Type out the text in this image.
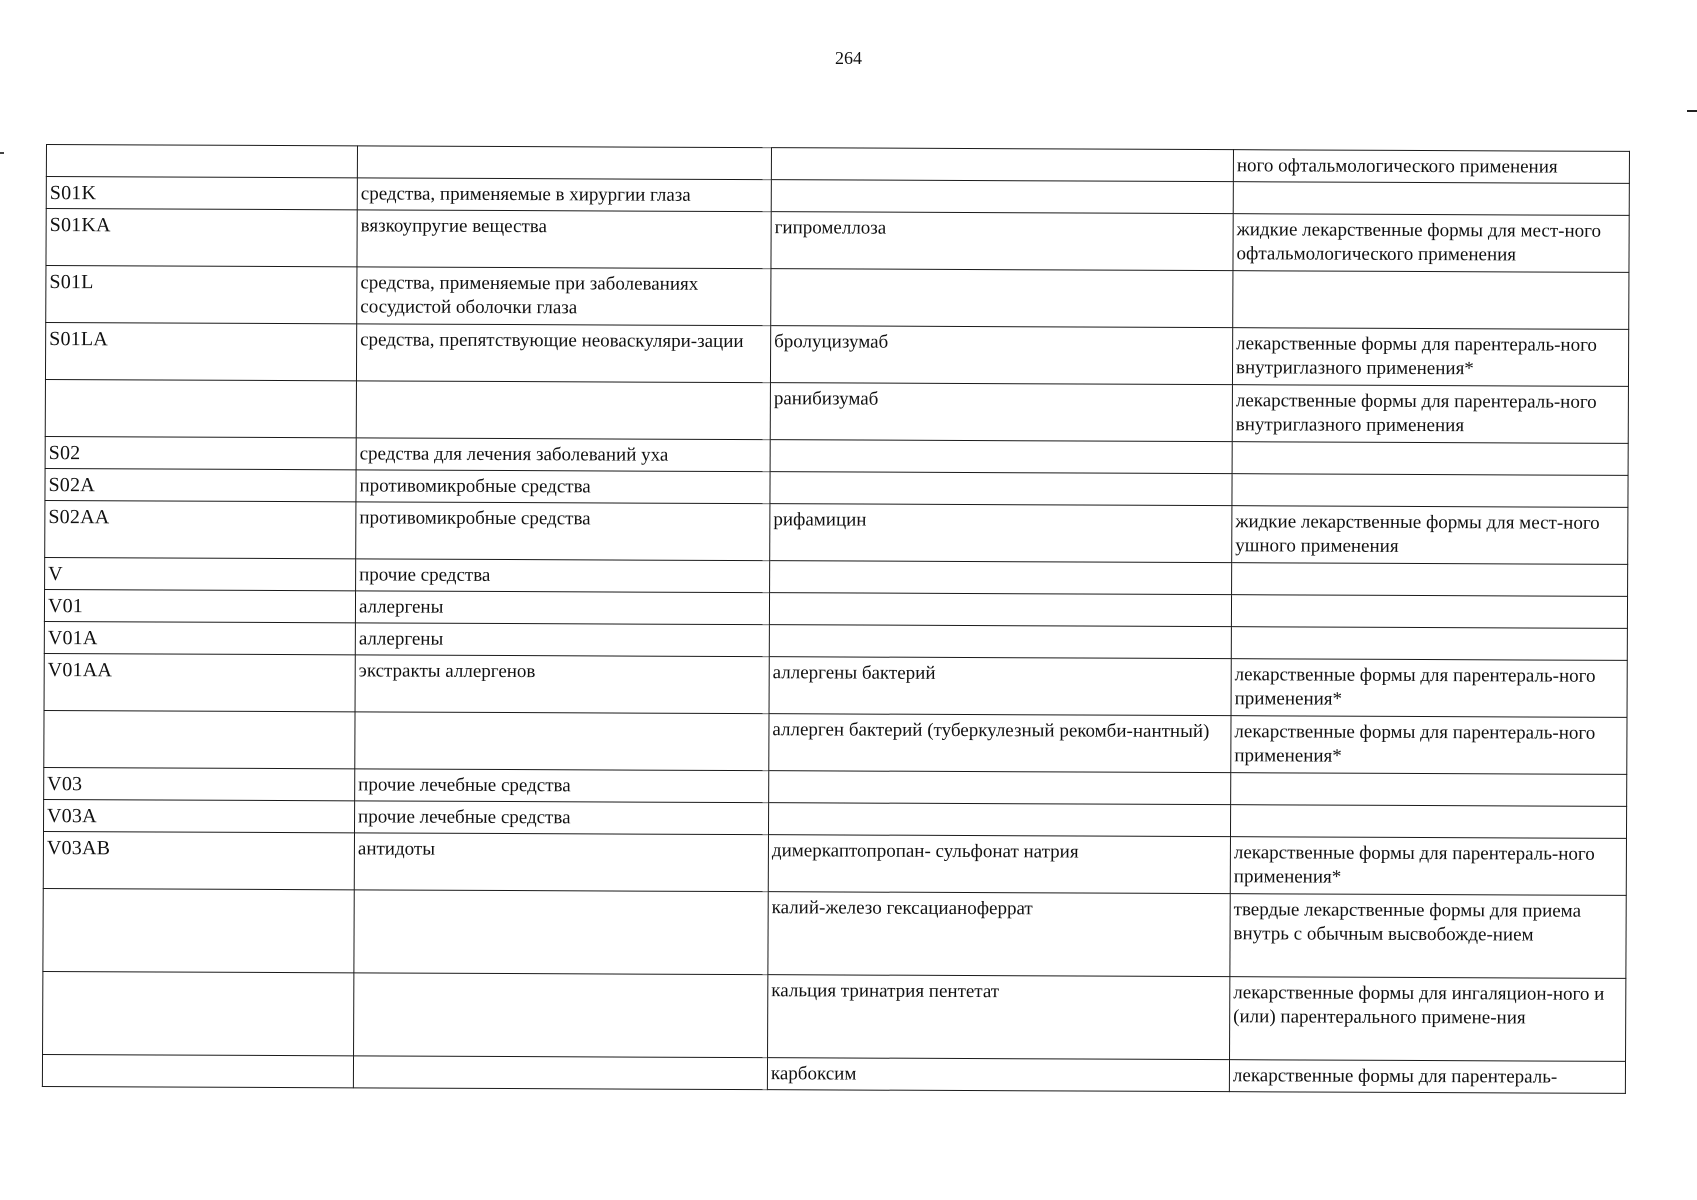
264
			ного офтальмологического применения
S01K	средства, применяемые в хирургии глаза		
S01KA	вязкоупругие вещества	гипромеллоза	жидкие лекарственные формы для мест-ного офтальмологического применения
S01L	средства, применяемые при заболеваниях сосудистой оболочки глаза		
S01LA	средства, препятствующие неоваскуляри-зации	бролуцизумаб	лекарственные формы для парентераль-ного внутриглазного применения*
		ранибизумаб	лекарственные формы для парентераль-ного внутриглазного применения
S02	средства для лечения заболеваний уха		
S02A	противомикробные средства		
S02AA	противомикробные средства	рифамицин	жидкие лекарственные формы для мест-ного ушного применения
V	прочие средства		
V01	аллергены		
V01A	аллергены		
V01AA	экстракты аллергенов	аллергены бактерий	лекарственные формы для парентераль-ного применения*
		аллерген бактерий (туберкулезный рекомби-нантный)	лекарственные формы для парентераль-ного применения*
V03	прочие лечебные средства		
V03A	прочие лечебные средства		
V03AB	антидоты	димеркаптопропан- сульфонат натрия	лекарственные формы для парентераль-ного применения*
		калий-железо гексацианоферрат	твердые лекарственные формы для приема внутрь с обычным высвобожде-нием
		кальция тринатрия пентетат	лекарственные формы для ингаляцион-ного и (или) парентерального примене-ния
		карбоксим	лекарственные формы для парентераль-
